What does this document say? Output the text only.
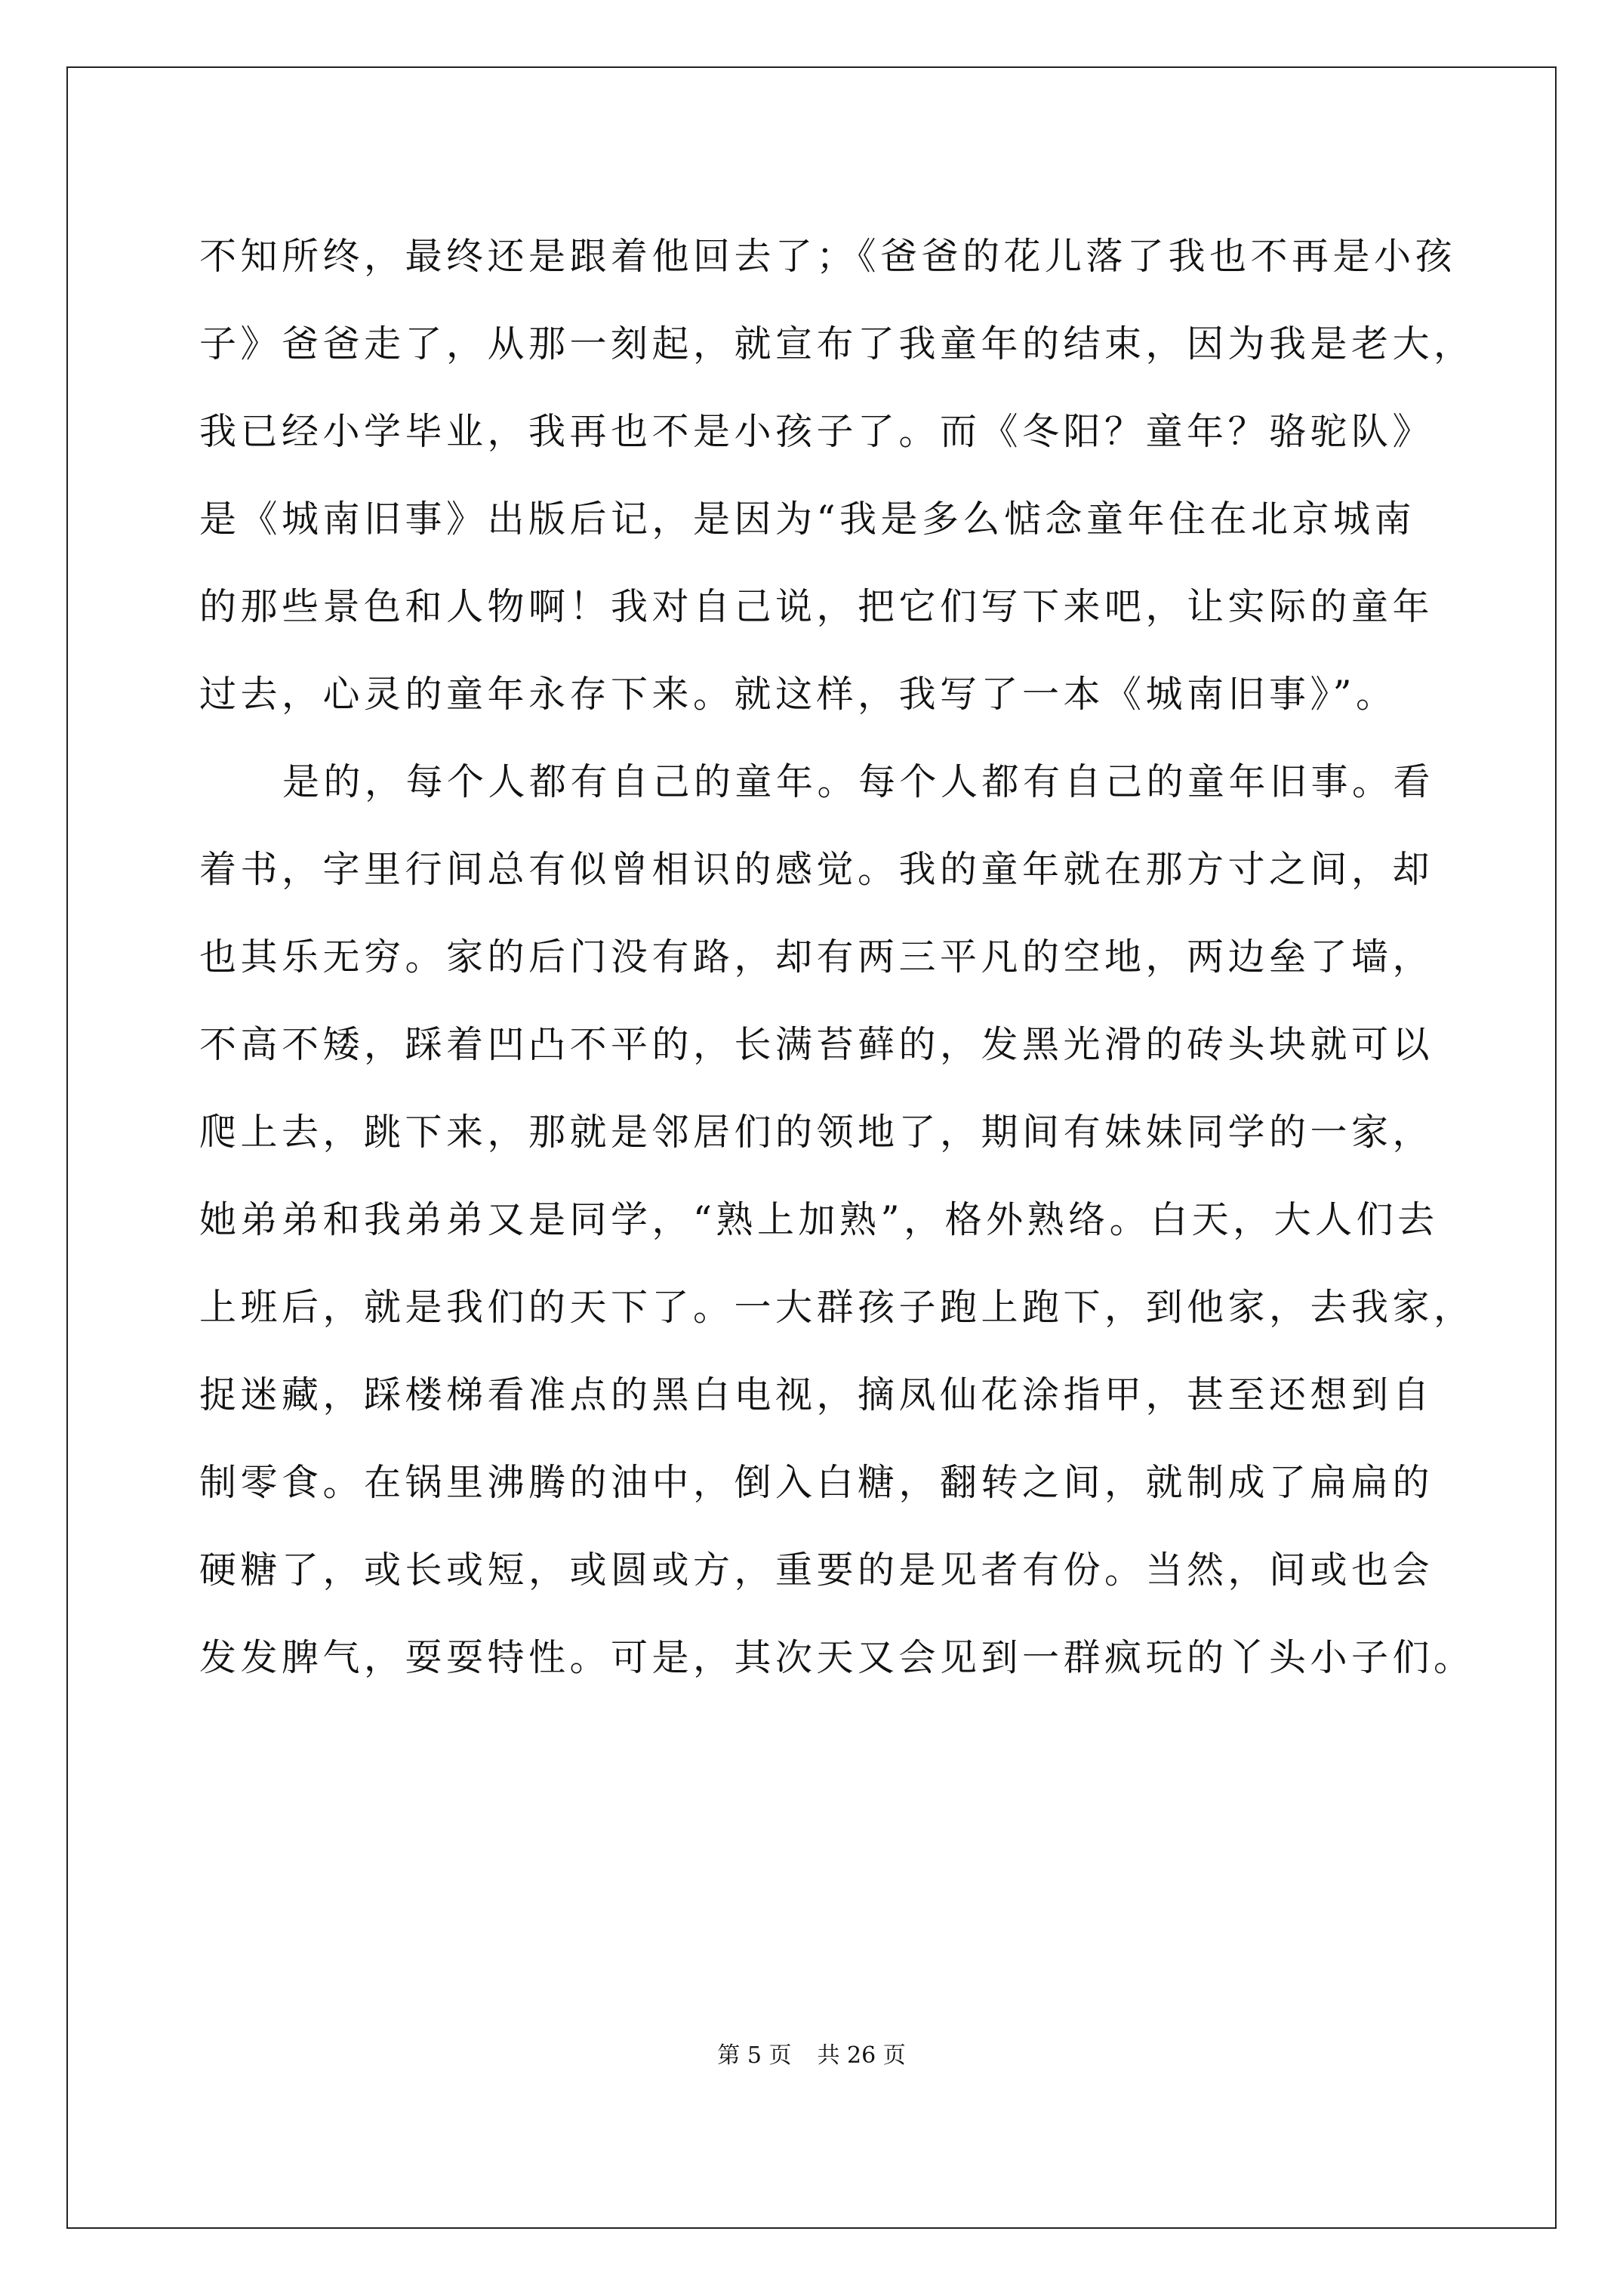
不知所终，最终还是跟着他回去了；《爸爸的花儿落了我也不再是小孩
子》爸爸走了，从那一刻起，就宣布了我童年的结束，因为我是老大，
我已经小学毕业，我再也不是小孩子了。而《冬阳？童年？骆驼队》
是《城南旧事》出版后记，是因为“我是多么惦念童年住在北京城南
的那些景色和人物啊！我对自己说，把它们写下来吧，让实际的童年
过去，心灵的童年永存下来。就这样，我写了一本《城南旧事》”。
是的，每个人都有自己的童年。每个人都有自己的童年旧事。看
着书，字里行间总有似曾相识的感觉。我的童年就在那方寸之间，却
也其乐无穷。家的后门没有路，却有两三平凡的空地，两边垒了墙，
不高不矮，踩着凹凸不平的，长满苔藓的，发黑光滑的砖头块就可以
爬上去，跳下来，那就是邻居们的领地了，期间有妹妹同学的一家，
她弟弟和我弟弟又是同学，“熟上加熟”，格外熟络。白天，大人们去
上班后，就是我们的天下了。一大群孩子跑上跑下，到他家，去我家，
捉迷藏，踩楼梯看准点的黑白电视，摘凤仙花涂指甲，甚至还想到自
制零食。在锅里沸腾的油中，倒入白糖，翻转之间，就制成了扁扁的
硬糖了，或长或短，或圆或方，重要的是见者有份。当然，间或也会
发发脾气，耍耍特性。可是，其次天又会见到一群疯玩的丫头小子们。
第 5 页 共 26 页
